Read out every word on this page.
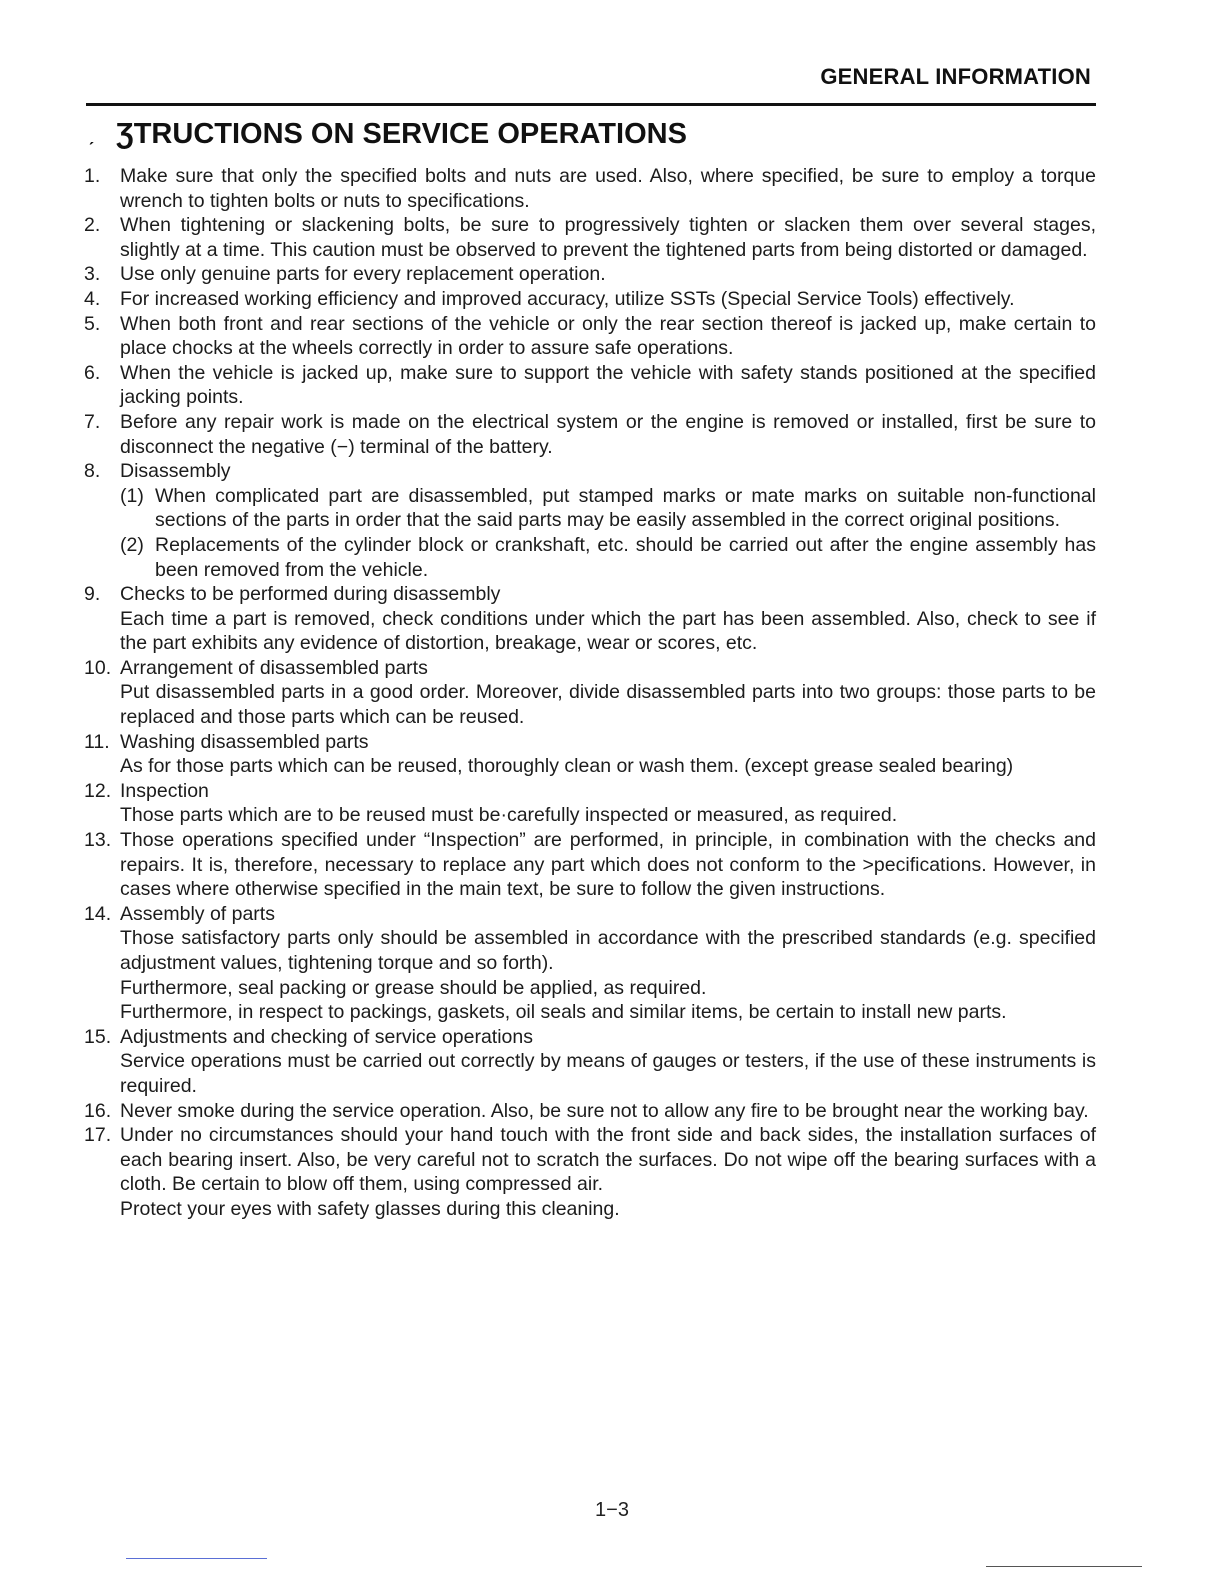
GENERAL INFORMATION
ˏ ƷTRUCTIONS ON SERVICE OPERATIONS
1.	Make sure that only the specified bolts and nuts are used. Also, where specified, be sure to employ a torque wrench to tighten bolts or nuts to specifications.

2.	When tightening or slackening bolts, be sure to progressively tighten or slacken them over several stages, slightly at a time. This caution must be observed to prevent the tightened parts from being distorted or damaged.

3.	Use only genuine parts for every replacement operation.

4.	For increased working efficiency and improved accuracy, utilize SSTs (Special Service Tools) effectively.

5.	When both front and rear sections of the vehicle or only the rear section thereof is jacked up, make certain to place chocks at the wheels correctly in order to assure safe operations.

6.	When the vehicle is jacked up, make sure to support the vehicle with safety stands positioned at the specified jacking points.

7.	Before any repair work is made on the electrical system or the engine is removed or installed, first be sure to disconnect the negative (−) terminal of the battery.

8.	Disassembly

(1) When complicated part are disassembled, put stamped marks or mate marks on suitable non-functional sections of the parts in order that the said parts may be easily assembled in the correct original positions.

(2) Replacements of the cylinder block or crankshaft, etc. should be carried out after the engine assembly has been removed from the vehicle.

9.	Checks to be performed during disassembly

Each time a part is removed, check conditions under which the part has been assembled. Also, check to see if the part exhibits any evidence of distortion, breakage, wear or scores, etc.

10. Arrangement of disassembled parts

Put disassembled parts in a good order. Moreover, divide disassembled parts into two groups: those parts to be replaced and those parts which can be reused.

11. Washing disassembled parts

As for those parts which can be reused, thoroughly clean or wash them. (except grease sealed bearing)

12. Inspection

Those parts which are to be reused must be·carefully inspected or measured, as required.

13. Those operations specified under “Inspection” are performed, in principle, in combination with the checks and repairs. It is, therefore, necessary to replace any part which does not conform to the ˃pecifications. However, in cases where otherwise specified in the main text, be sure to follow the given instructions.

14. Assembly of parts

Those satisfactory parts only should be assembled in accordance with the prescribed standards (e.g. specified adjustment values, tightening torque and so forth).

Furthermore, seal packing or grease should be applied, as required.

Furthermore, in respect to packings, gaskets, oil seals and similar items, be certain to install new parts.

15. Adjustments and checking of service operations

Service operations must be carried out correctly by means of gauges or testers, if the use of these instruments is required.

16. Never smoke during the service operation. Also, be sure not to allow any fire to be brought near the working bay.

17. Under no circumstances should your hand touch with the front side and back sides, the installation surfaces of each bearing insert. Also, be very careful not to scratch the surfaces. Do not wipe off the bearing surfaces with a cloth. Be certain to blow off them, using compressed air.

Protect your eyes with safety glasses during this cleaning.

1−3
